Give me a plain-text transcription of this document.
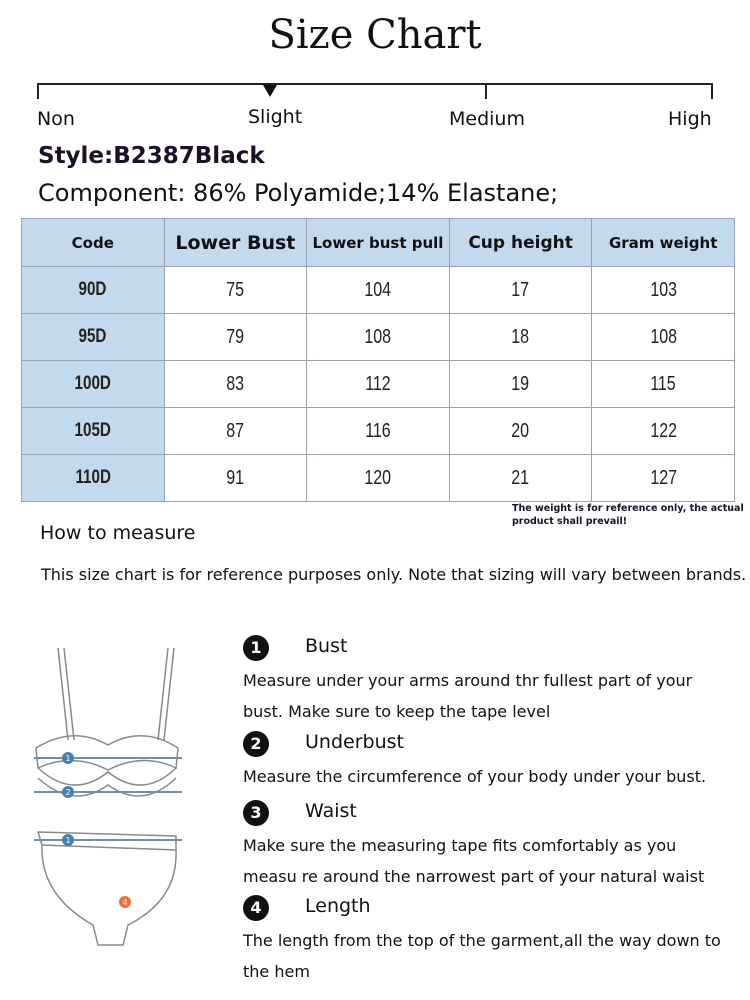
Size Chart
Non	Slight	Medium	High
Style:B2387Black
Component: 86% Polyamide;14% Elastane;
Code	Lower Bust	Lower bust pull	Cup height	Gram weight
90D	75	104	17	103
95D	79	108	18	108
100D	83	112	19	115
105D	87	116	20	122
110D	91	120	21	127
The weight is for reference only, the actual product shall prevail!
How to measure
This size chart is for reference purposes only. Note that sizing will vary between brands.
1
2
1
4
1	Bust
Measure under your arms around thr fullest part of your bust. Make sure to keep the tape level
2	Underbust
Measure the circumference of your body under your bust.
3	Waist
Make sure the measuring tape fits comfortably as you measu re around the narrowest part of your natural waist
4	Length
The length from the top of the garment,all the way down to the hem
